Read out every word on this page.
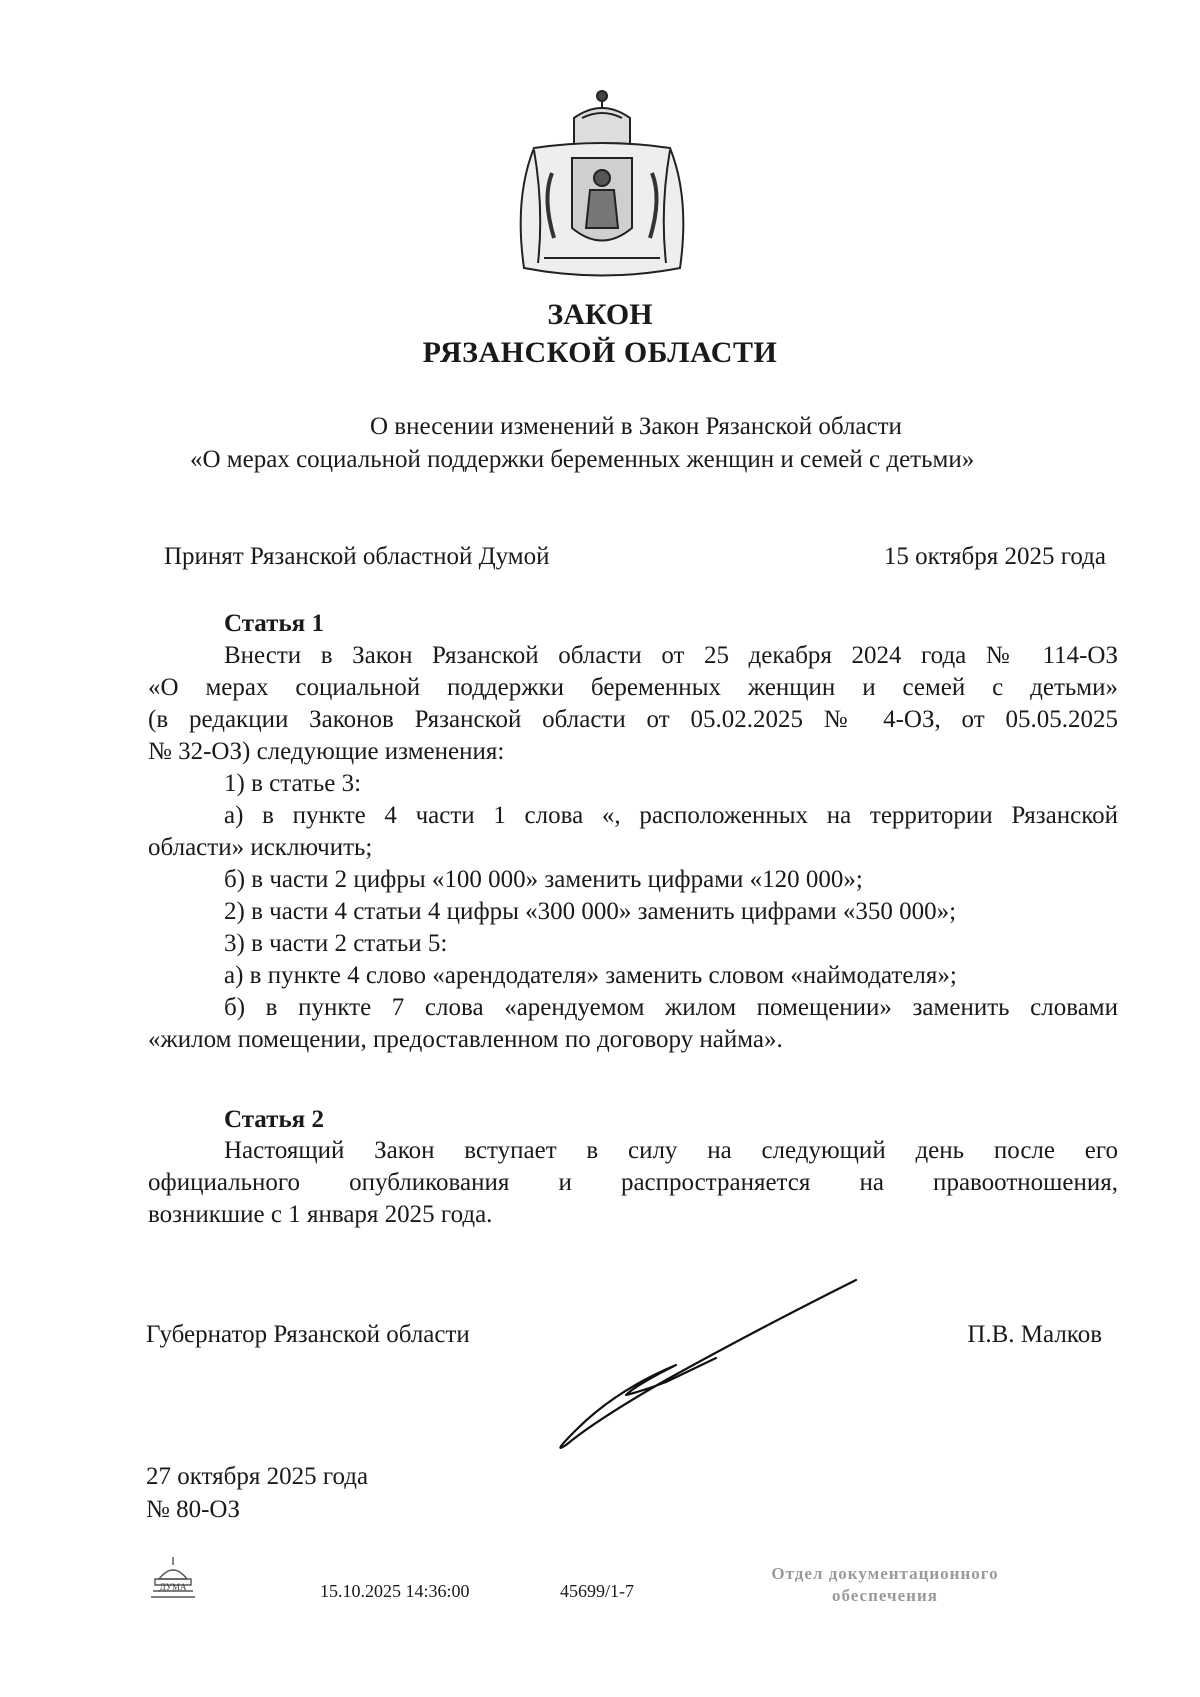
ЗАКОН
РЯЗАНСКОЙ ОБЛАСТИ
О внесении изменений в Закон Рязанской области
«О мерах социальной поддержки беременных женщин и семей с детьми»
Принят Рязанской областной Думой	15 октября 2025 года
Статья 1
Внести в Закон Рязанской области от 25 декабря 2024 года № 114-ОЗ
«О мерах социальной поддержки беременных женщин и семей с детьми»
(в редакции Законов Рязанской области от 05.02.2025 № 4-ОЗ, от 05.05.2025
№ 32-ОЗ) следующие изменения:
1) в статье 3:
а) в пункте 4 части 1 слова «, расположенных на территории Рязанской
области» исключить;
б) в части 2 цифры «100 000» заменить цифрами «120 000»;
2) в части 4 статьи 4 цифры «300 000» заменить цифрами «350 000»;
3) в части 2 статьи 5:
а) в пункте 4 слово «арендодателя» заменить словом «наймодателя»;
б) в пункте 7 слова «арендуемом жилом помещении» заменить словами
«жилом помещении, предоставленном по договору найма».
Статья 2
Настоящий Закон вступает в силу на следующий день после его
официального опубликования и распространяется на правоотношения,
возникшие с 1 января 2025 года.
Губернатор Рязанской области	П.В. Малков
27 октября 2025 года
№ 80-ОЗ
ДУМА	15.10.2025 14:36:00	45699/1-7
Отдел документационного
обеспечения
